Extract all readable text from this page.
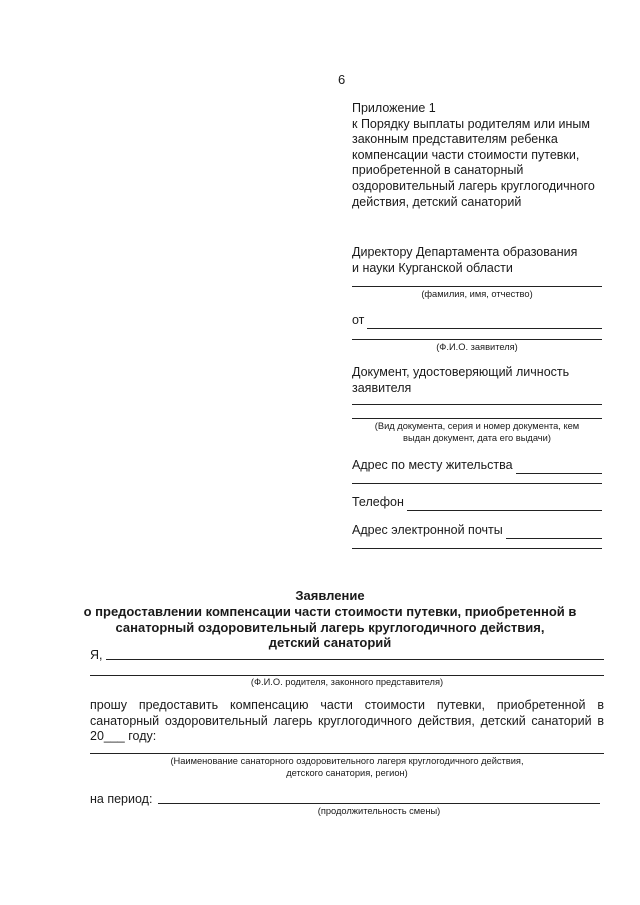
6
Приложение 1
к Порядку выплаты родителям или иным
законным представителям ребенка
компенсации части стоимости путевки,
приобретенной в санаторный
оздоровительный лагерь круглогодичного
действия, детский санаторий
Директору Департамента образования
и науки Курганской области
(фамилия, имя, отчество)
от
(Ф.И.О. заявителя)
Документ, удостоверяющий личность
заявителя
(Вид документа, серия и номер документа, кем
выдан документ, дата его выдачи)
Адрес по месту жительства
Телефон
Адрес электронной почты
Заявление
о предоставлении компенсации части стоимости путевки, приобретенной в
санаторный оздоровительный лагерь круглогодичного действия,
детский санаторий
Я,
(Ф.И.О. родителя, законного представителя)
прошу предоставить компенсацию части стоимости путевки, приобретенной в
санаторный оздоровительный лагерь круглогодичного действия, детский санаторий в
20___ году:
(Наименование санаторного оздоровительного лагеря круглогодичного действия,
детского санатория, регион)
на период:
(продолжительность смены)
